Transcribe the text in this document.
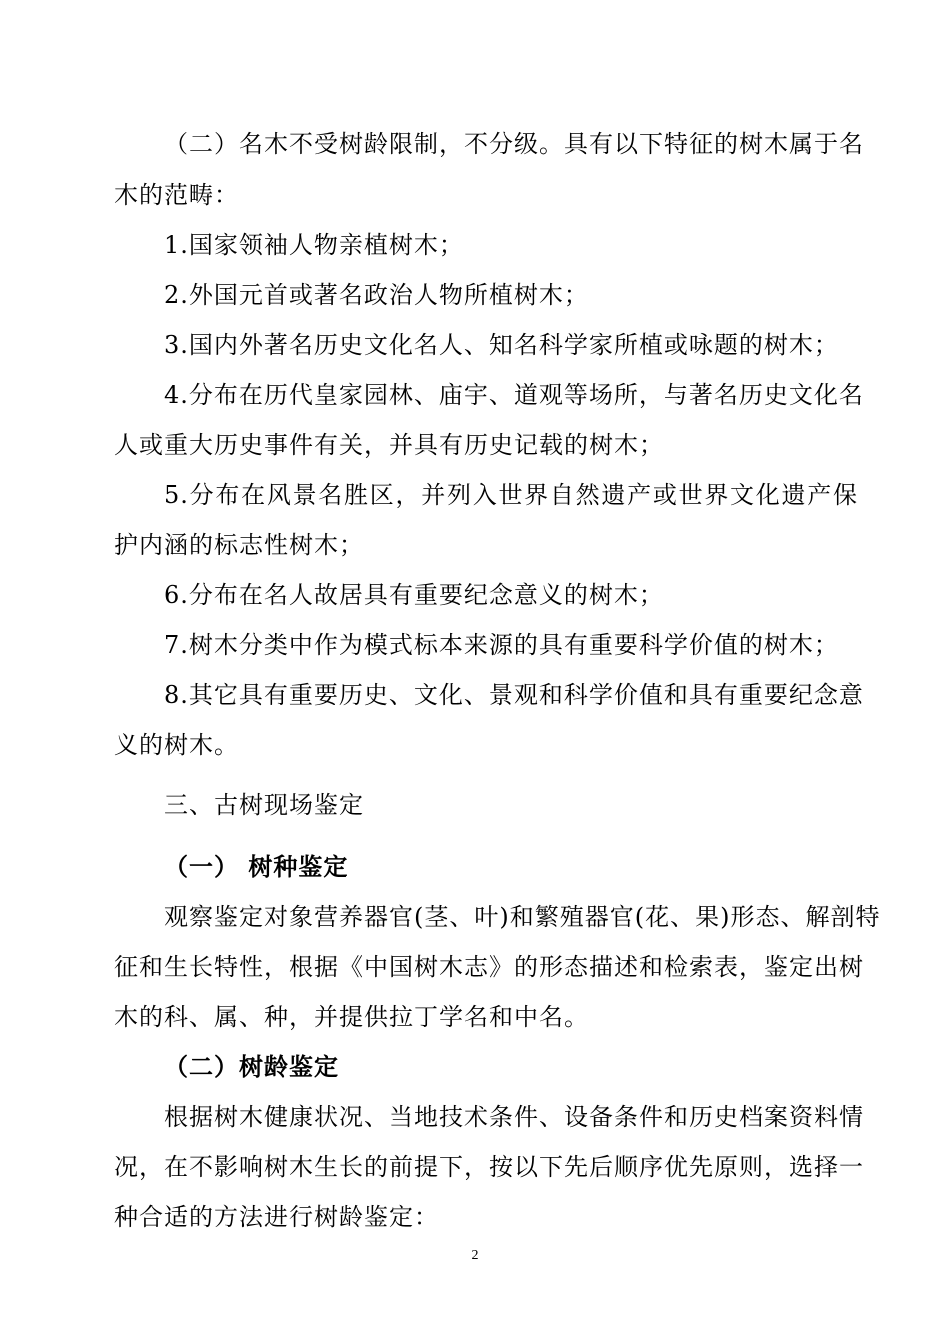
（二）名木不受树龄限制，不分级。具有以下特征的树木属于名
木的范畴：
1.国家领袖人物亲植树木；
2.外国元首或著名政治人物所植树木；
3.国内外著名历史文化名人、知名科学家所植或咏题的树木；
4.分布在历代皇家园林、庙宇、道观等场所，与著名历史文化名
人或重大历史事件有关，并具有历史记载的树木；
5.分布在风景名胜区，并列入世界自然遗产或世界文化遗产保
护内涵的标志性树木；
6.分布在名人故居具有重要纪念意义的树木；
7.树木分类中作为模式标本来源的具有重要科学价值的树木；
8.其它具有重要历史、文化、景观和科学价值和具有重要纪念意
义的树木。
三、古树现场鉴定
（一） 树种鉴定
观察鉴定对象营养器官(茎、叶)和繁殖器官(花、果)形态、解剖特
征和生长特性，根据《中国树木志》的形态描述和检索表，鉴定出树
木的科、属、种，并提供拉丁学名和中名。
（二）树龄鉴定
根据树木健康状况、当地技术条件、设备条件和历史档案资料情
况，在不影响树木生长的前提下，按以下先后顺序优先原则，选择一
种合适的方法进行树龄鉴定：
2
